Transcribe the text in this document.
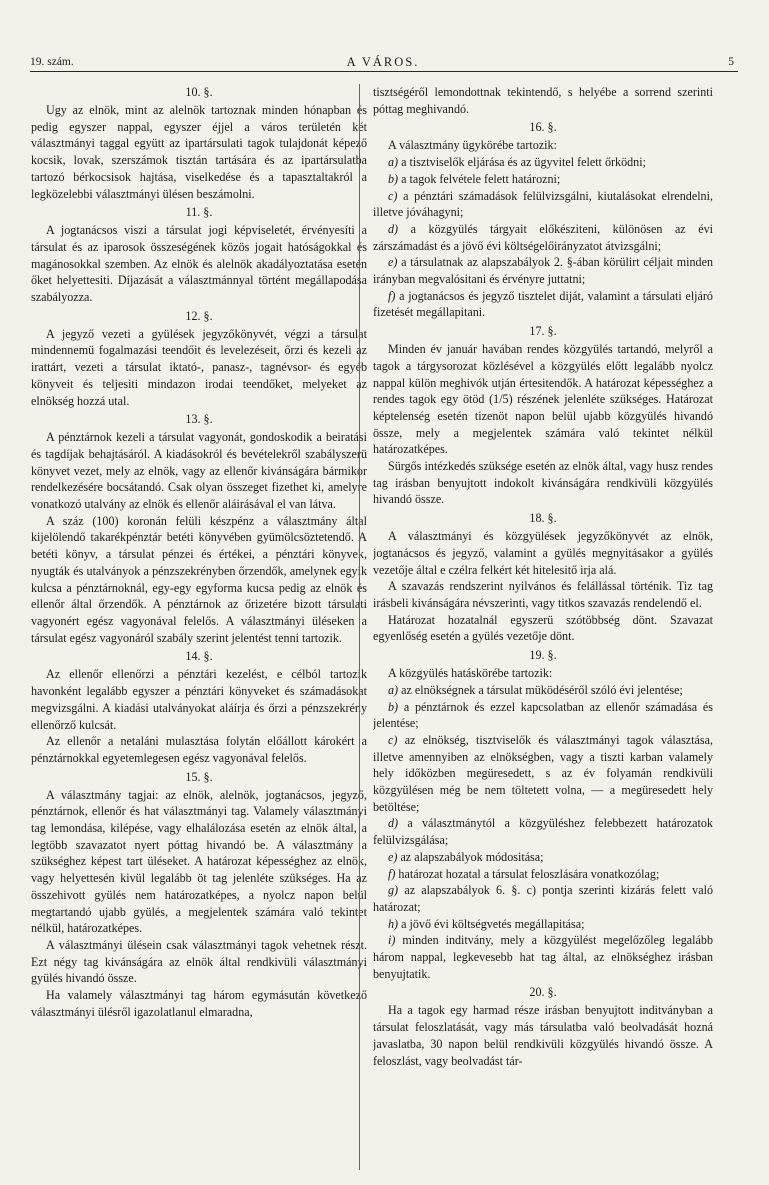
19. szám.	A VÁROS.	5
10. §.

Ugy az elnök, mint az alelnök tartoznak minden hónapban és pedig egyszer nappal, egyszer éjjel a város területén két választmányi taggal együtt az ipartársulati tagok tulajdonát képező kocsik, lovak, szerszámok tisztán tartására és az ipartársulatba tartozó bérkocsisok hajtása, viselkedése és a tapasztaltakról a legközelebbi választmányi ülésen beszámolni.

11. §.

A jogtanácsos viszi a társulat jogi képviseletét, érvényesíti a társulat és az iparosok összeségének közös jogait hatóságokkal és magánosokkal szemben. Az elnök és alelnök akadályoztatása esetén őket helyettesiti. Díjazását a választmánnyal történt megállapodása szabályozza.

12. §.

A jegyző vezeti a gyülések jegyzőkönyvét, végzi a társulat mindennemü fogalmazási teendőit és levelezéseit, őrzi és kezeli az irattárt, vezeti a társulat iktató-, panasz-, tagnévsor- és egyéb könyveit és teljesiti mindazon irodai teendőket, melyeket az elnökség hozzá utal.

13. §.

A pénztárnok kezeli a társulat vagyonát, gondoskodik a beiratási és tagdíjak behajtásáról. A kiadásokról és bevételekről szabályszerü könyvet vezet, mely az elnök, vagy az ellenőr kivánságára bármikor rendelkezésére bocsátandó. Csak olyan összeget fizethet ki, amelyre vonatkozó utalvány az elnök és ellenőr aláirásával el van látva.

A száz (100) koronán felüli készpénz a választmány által kijelölendő takarékpénztár betéti könyvében gyümölcsöztetendő. A betéti könyv, a társulat pénzei és értékei, a pénztári könyvek, nyugták és utalványok a pénzszekrényben őrzendők, amelynek egyik kulcsa a pénztárnoknál, egy-egy egyforma kucsa pedig az elnök és ellenőr által őrzendők. A pénztárnok az őrizetére bizott társulati vagyonért egész vagyonával felelős. A választmányi üléseken a társulat egész vagyonáról szabály szerint jelentést tenni tartozik.

14. §.

Az ellenőr ellenőrzi a pénztári kezelést, e célból tartozik havonként legalább egyszer a pénztári könyveket és számadásokat megvizsgálni. A kiadási utalványokat aláírja és őrzi a pénzszekrény ellenőrző kulcsát.

Az ellenőr a netaláni mulasztása folytán előállott károkért a pénztárnokkal egyetemlegesen egész vagyonával felelős.

15. §.

A választmány tagjai: az elnök, alelnök, jogtanácsos, jegyző, pénztárnok, ellenőr és hat választmányi tag. Valamely választmányi tag lemondása, kilépése, vagy elhalálozása esetén az elnök által, a legtöbb szavazatot nyert póttag hivandó be. A választmány a szükséghez képest tart üléseket. A határozat képességhez az elnök, vagy helyettesén kivül legalább öt tag jelenléte szükséges. Ha az összehivott gyülés nem határozatképes, a nyolcz napon belül megtartandó ujabb gyülés, a megjelentek számára való tekintet nélkül, határozatképes.

A választmányi ülésein csak választmányi tagok vehetnek részt. Ezt négy tag kivánságára az elnök által rendkivüli választmányi gyülés hivandó össze.

Ha valamely választmányi tag három egymásután következő választmányi ülésről igazolatlanul elmaradna,

tisztségéről lemondottnak tekintendő, s helyébe a sorrend szerinti póttag meghivandó.

16. §.

A választmány ügykörébe tartozik:

a) a tisztviselők eljárása és az ügyvitel felett őrködni;

b) a tagok felvétele felett határozni;

c) a pénztári számadások felülvizsgálni, kiutalásokat elrendelni, illetve jóváhagyni;

d) a közgyülés tárgyait előkésziteni, különösen az évi zárszámadást és a jövő évi költségelőirányzatot átvizsgálni;

e) a társulatnak az alapszabályok 2. §-ában körülirt céljait minden irányban megvalósitani és érvényre juttatni;

f) a jogtanácsos és jegyző tisztelet diját, valamint a társulati eljáró fizetését megállapitani.

17. §.

Minden év január havában rendes közgyülés tartandó, melyről a tagok a tárgysorozat közlésével a közgyülés előtt legalább nyolcz nappal külön meghivók utján értesitendők. A határozat képességhez a rendes tagok egy ötöd (1/5) részének jelenléte szükséges. Határozat képtelenség esetén tizenöt napon belül ujabb közgyülés hivandó össze, mely a megjelentek számára való tekintet nélkül határozatképes.

Sürgős intézkedés szüksége esetén az elnök által, vagy husz rendes tag irásban benyujtott indokolt kivánságára rendkivüli közgyülés hivandó össze.

18. §.

A választmányi és közgyülések jegyzőkönyvét az elnök, jogtanácsos és jegyző, valamint a gyülés megnyitásakor a gyülés vezetője által e czélra felkért két hitelesitő irja alá.

A szavazás rendszerint nyilvános és felállással történik. Tiz tag irásbeli kivánságára névszerinti, vagy titkos szavazás rendelendő el.

Határozat hozatalnál egyszerü szótöbbség dönt. Szavazat egyenlőség esetén a gyülés vezetője dönt.

19. §.

A közgyülés hatáskörébe tartozik:

a) az elnökségnek a társulat müködéséről szóló évi jelentése;

b) a pénztárnok és ezzel kapcsolatban az ellenőr számadása és jelentése;

c) az elnökség, tisztviselők és választmányi tagok választása, illetve amennyiben az elnökségben, vagy a tiszti karban valamely hely időközben megüresedett, s az év folyamán rendkivüli közgyülésen még be nem töltetett volna, — a megüresedett hely betöltése;

d) a választmánytól a közgyüléshez felebbezett határozatok felülvizsgálása;

e) az alapszabályok módositása;

f) határozat hozatal a társulat feloszlására vonatkozólag;

g) az alapszabályok 6. §. c) pontja szerinti kizárás felett való határozat;

h) a jövő évi költségvetés megállapitása;

i) minden inditvány, mely a közgyülést megelőzőleg legalább három nappal, legkevesebb hat tag által, az elnökséghez irásban benyujtatik.

20. §.

Ha a tagok egy harmad része irásban benyujtott inditványban a társulat feloszlatását, vagy más társulatba való beolvadását hozná javaslatba, 30 napon belül rendkivüli közgyülés hivandó össze. A feloszlást, vagy beolvadást tár-
